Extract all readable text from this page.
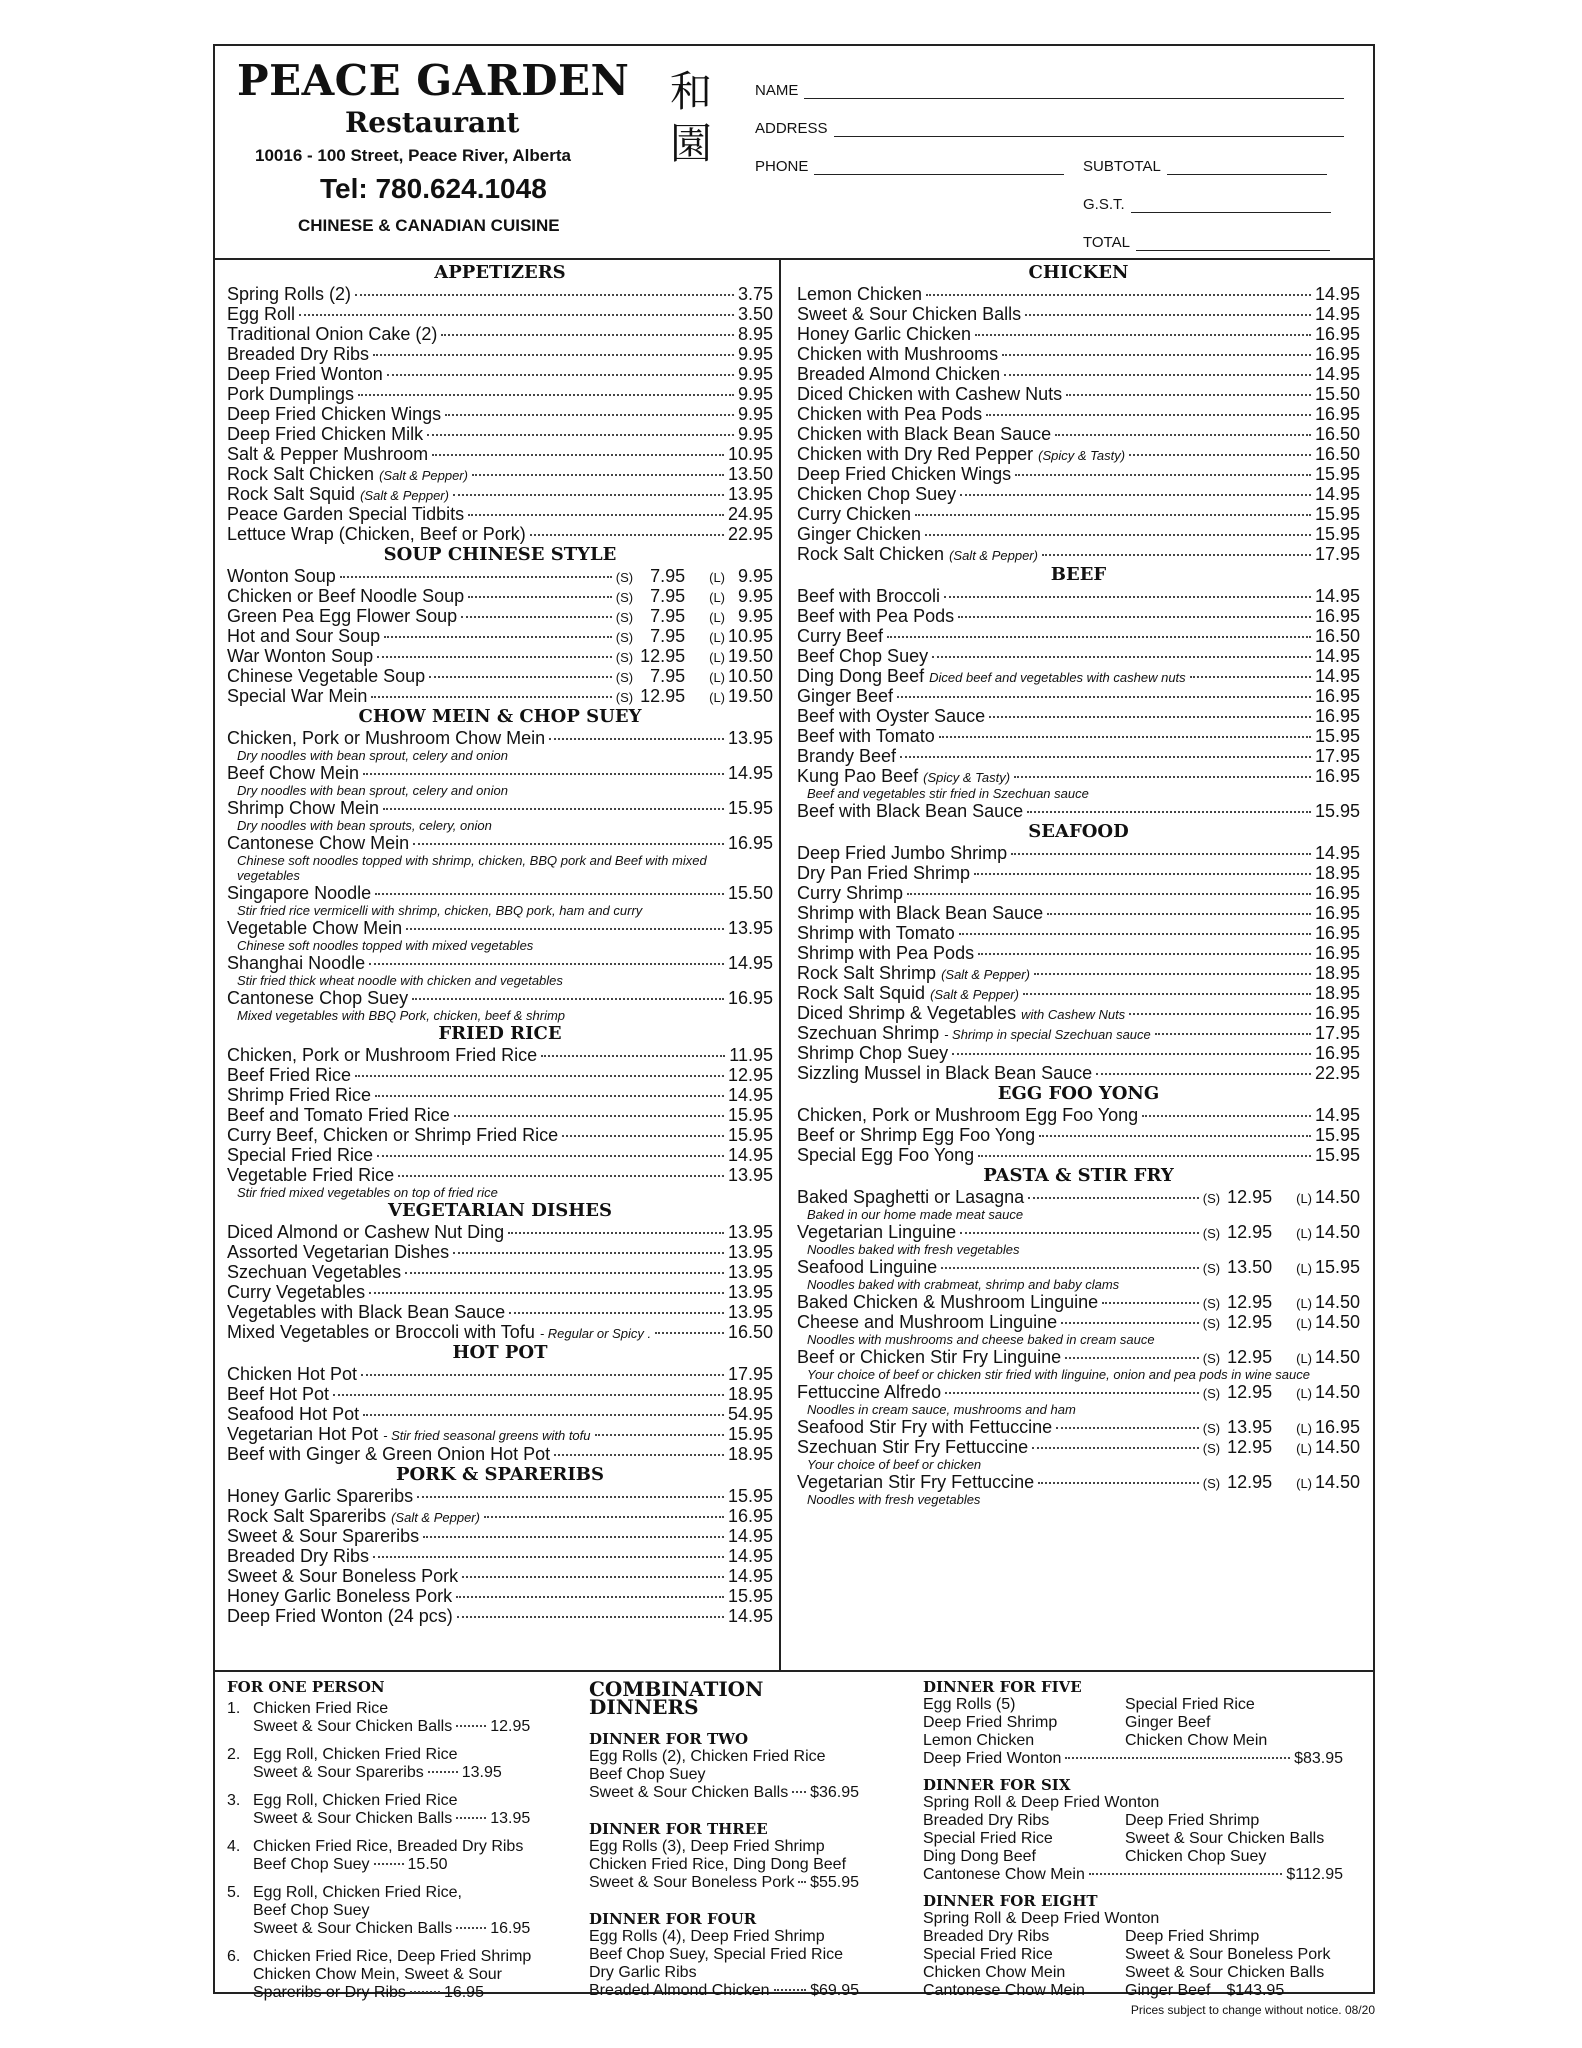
PEACE GARDEN
Restaurant
10016 - 100 Street, Peace River, Alberta
Tel: 780.624.1048
CHINESE & CANADIAN CUISINE
和
園
NAME
ADDRESS
PHONE	SUBTOTAL
G.S.T.
TOTAL
APPETIZERS
Spring Rolls (2)	3.75
Egg Roll	3.50
Traditional Onion Cake (2)	8.95
Breaded Dry Ribs	9.95
Deep Fried Wonton	9.95
Pork Dumplings	9.95
Deep Fried Chicken Wings	9.95
Deep Fried Chicken Milk	9.95
Salt & Pepper Mushroom	10.95
Rock Salt Chicken (Salt & Pepper)	13.50
Rock Salt Squid (Salt & Pepper)	13.95
Peace Garden Special Tidbits	24.95
Lettuce Wrap (Chicken, Beef or Pork)	22.95
SOUP CHINESE STYLE
Wonton Soup	(S) 7.95 (L) 9.95
Chicken or Beef Noodle Soup	(S) 7.95 (L) 9.95
Green Pea Egg Flower Soup	(S) 7.95 (L) 9.95
Hot and Sour Soup	(S) 7.95 (L) 10.95
War Wonton Soup	(S) 12.95 (L) 19.50
Chinese Vegetable Soup	(S) 7.95 (L) 10.50
Special War Mein	(S) 12.95 (L) 19.50
CHOW MEIN & CHOP SUEY
Chicken, Pork or Mushroom Chow Mein	13.95
Dry noodles with bean sprout, celery and onion
Beef Chow Mein	14.95
Dry noodles with bean sprout, celery and onion
Shrimp Chow Mein	15.95
Dry noodles with bean sprouts, celery, onion
Cantonese Chow Mein	16.95
Chinese soft noodles topped with shrimp, chicken, BBQ pork and Beef with mixed vegetables
Singapore Noodle	15.50
Stir fried rice vermicelli with shrimp, chicken, BBQ pork, ham and curry
Vegetable Chow Mein	13.95
Chinese soft noodles topped with mixed vegetables
Shanghai Noodle	14.95
Stir fried thick wheat noodle with chicken and vegetables
Cantonese Chop Suey	16.95
Mixed vegetables with BBQ Pork, chicken, beef & shrimp
FRIED RICE
Chicken, Pork or Mushroom Fried Rice	11.95
Beef Fried Rice	12.95
Shrimp Fried Rice	14.95
Beef and Tomato Fried Rice	15.95
Curry Beef, Chicken or Shrimp Fried Rice	15.95
Special Fried Rice	14.95
Vegetable Fried Rice	13.95
Stir fried mixed vegetables on top of fried rice
VEGETARIAN DISHES
Diced Almond or Cashew Nut Ding	13.95
Assorted Vegetarian Dishes	13.95
Szechuan Vegetables	13.95
Curry Vegetables	13.95
Vegetables with Black Bean Sauce	13.95
Mixed Vegetables or Broccoli with Tofu - Regular or Spicy .	16.50
HOT POT
Chicken Hot Pot	17.95
Beef Hot Pot	18.95
Seafood Hot Pot	54.95
Vegetarian Hot Pot - Stir fried seasonal greens with tofu	15.95
Beef with Ginger & Green Onion Hot Pot	18.95
PORK & SPARERIBS
Honey Garlic Spareribs	15.95
Rock Salt Spareribs (Salt & Pepper)	16.95
Sweet & Sour Spareribs	14.95
Breaded Dry Ribs	14.95
Sweet & Sour Boneless Pork	14.95
Honey Garlic Boneless Pork	15.95
Deep Fried Wonton (24 pcs)	14.95
CHICKEN
Lemon Chicken	14.95
Sweet & Sour Chicken Balls	14.95
Honey Garlic Chicken	16.95
Chicken with Mushrooms	16.95
Breaded Almond Chicken	14.95
Diced Chicken with Cashew Nuts	15.50
Chicken with Pea Pods	16.95
Chicken with Black Bean Sauce	16.50
Chicken with Dry Red Pepper (Spicy & Tasty)	16.50
Deep Fried Chicken Wings	15.95
Chicken Chop Suey	14.95
Curry Chicken	15.95
Ginger Chicken	15.95
Rock Salt Chicken (Salt & Pepper)	17.95
BEEF
Beef with Broccoli	14.95
Beef with Pea Pods	16.95
Curry Beef	16.50
Beef Chop Suey	14.95
Ding Dong Beef Diced beef and vegetables with cashew nuts	14.95
Ginger Beef	16.95
Beef with Oyster Sauce	16.95
Beef with Tomato	15.95
Brandy Beef	17.95
Kung Pao Beef (Spicy & Tasty)	16.95
Beef and vegetables stir fried in Szechuan sauce
Beef with Black Bean Sauce	15.95
SEAFOOD
Deep Fried Jumbo Shrimp	14.95
Dry Pan Fried Shrimp	18.95
Curry Shrimp	16.95
Shrimp with Black Bean Sauce	16.95
Shrimp with Tomato	16.95
Shrimp with Pea Pods	16.95
Rock Salt Shrimp (Salt & Pepper)	18.95
Rock Salt Squid (Salt & Pepper)	18.95
Diced Shrimp & Vegetables with Cashew Nuts	16.95
Szechuan Shrimp - Shrimp in special Szechuan sauce	17.95
Shrimp Chop Suey	16.95
Sizzling Mussel in Black Bean Sauce	22.95
EGG FOO YONG
Chicken, Pork or Mushroom Egg Foo Yong	14.95
Beef or Shrimp Egg Foo Yong	15.95
Special Egg Foo Yong	15.95
PASTA & STIR FRY
Baked Spaghetti or Lasagna	(S) 12.95 (L) 14.50
Baked in our home made meat sauce
Vegetarian Linguine	(S) 12.95 (L) 14.50
Noodles baked with fresh vegetables
Seafood Linguine	(S) 13.50 (L) 15.95
Noodles baked with crabmeat, shrimp and baby clams
Baked Chicken & Mushroom Linguine	(S) 12.95 (L) 14.50
Cheese and Mushroom Linguine	(S) 12.95 (L) 14.50
Noodles with mushrooms and cheese baked in cream sauce
Beef or Chicken Stir Fry Linguine	(S) 12.95 (L) 14.50
Your choice of beef or chicken stir fried with linguine, onion and pea pods in wine sauce
Fettuccine Alfredo	(S) 12.95 (L) 14.50
Noodles in cream sauce, mushrooms and ham
Seafood Stir Fry with Fettuccine	(S) 13.95 (L) 16.95
Szechuan Stir Fry Fettuccine	(S) 12.95 (L) 14.50
Your choice of beef or chicken
Vegetarian Stir Fry Fettuccine	(S) 12.95 (L) 14.50
Noodles with fresh vegetables
FOR ONE PERSON
1. Chicken Fried Rice
Sweet & Sour Chicken Balls 12.95
2. Egg Roll, Chicken Fried Rice
Sweet & Sour Spareribs 13.95
3. Egg Roll, Chicken Fried Rice
Sweet & Sour Chicken Balls 13.95
4. Chicken Fried Rice, Breaded Dry Ribs
Beef Chop Suey 15.50
5. Egg Roll, Chicken Fried Rice,
Beef Chop Suey
Sweet & Sour Chicken Balls 16.95
6. Chicken Fried Rice, Deep Fried Shrimp
Chicken Chow Mein, Sweet & Sour
Spareribs or Dry Ribs 16.95
COMBINATION DINNERS
DINNER FOR TWO
Egg Rolls (2), Chicken Fried Rice
Beef Chop Suey
Sweet & Sour Chicken Balls $36.95
DINNER FOR THREE
Egg Rolls (3), Deep Fried Shrimp
Chicken Fried Rice, Ding Dong Beef
Sweet & Sour Boneless Pork $55.95
DINNER FOR FOUR
Egg Rolls (4), Deep Fried Shrimp
Beef Chop Suey, Special Fried Rice
Dry Garlic Ribs
Breaded Almond Chicken	$69.95
DINNER FOR FIVE
Egg Rolls (5)	Special Fried Rice
Deep Fried Shrimp	Ginger Beef
Lemon Chicken	Chicken Chow Mein
Deep Fried Wonton	$83.95
DINNER FOR SIX
Spring Roll & Deep Fried Wonton
Breaded Dry Ribs	Deep Fried Shrimp
Special Fried Rice	Sweet & Sour Chicken Balls
Ding Dong Beef	Chicken Chop Suey
Cantonese Chow Mein	$112.95
DINNER FOR EIGHT
Spring Roll & Deep Fried Wonton
Breaded Dry Ribs	Deep Fried Shrimp
Special Fried Rice	Sweet & Sour Boneless Pork
Chicken Chow Mein	Sweet & Sour Chicken Balls
Cantonese Chow Mein	Ginger Beef $143.95
Prices subject to change without notice. 08/20
